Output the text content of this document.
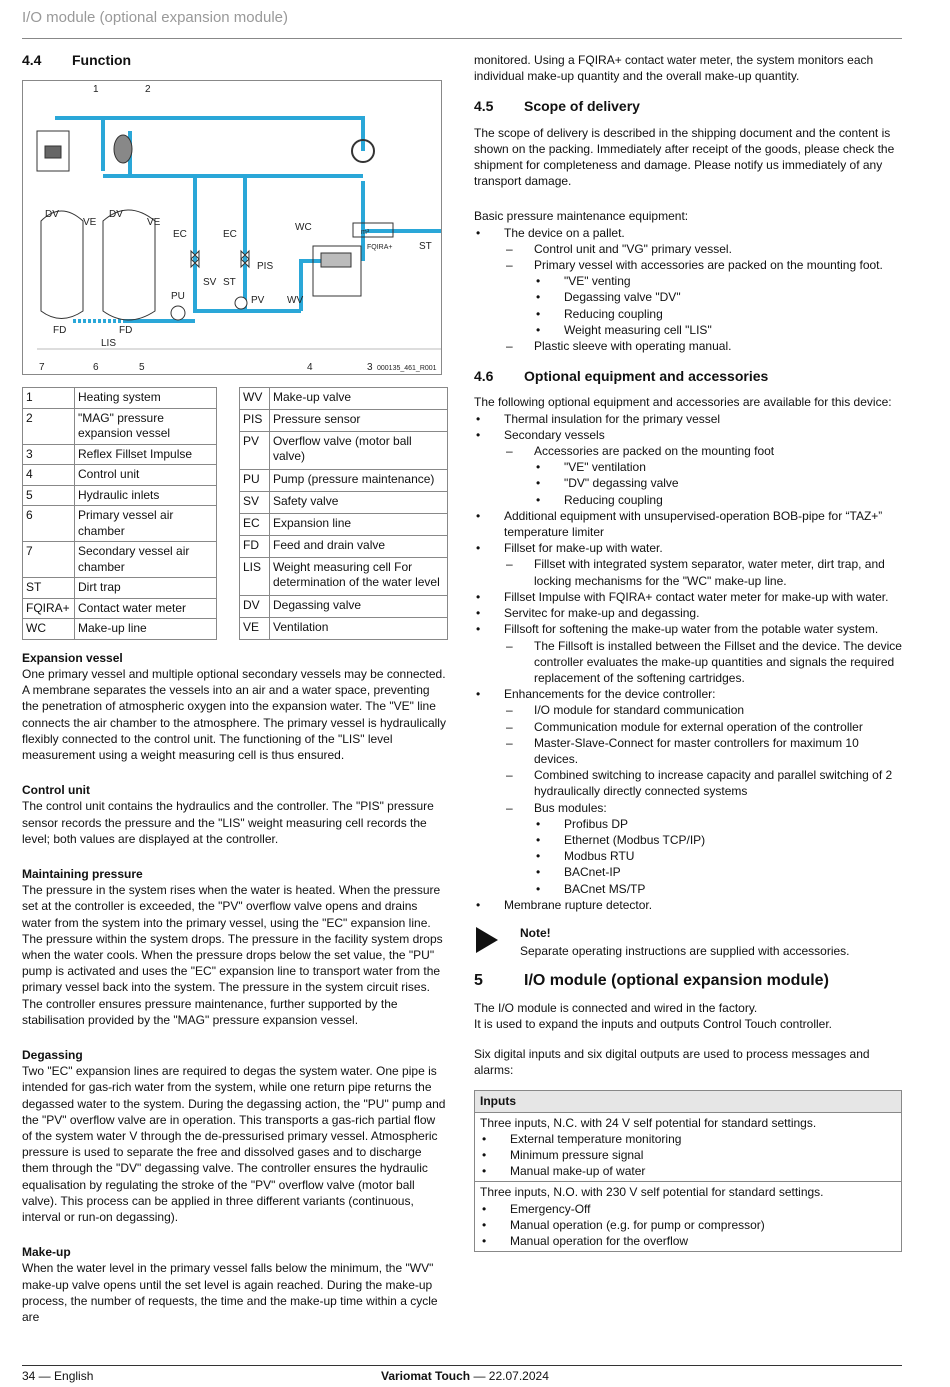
I/O module (optional expansion module)
4.4	Function
1	2
DV
VE
DV
VE
EC	EC
WC
PIS
PU
SV ST
PV WV
FD	FD
LIS
FQIRA+	ST
m³
7	6	5	4	3 000135_461_R001
1	Heating system
2	"MAG" pressure expansion vessel
3	Reflex Fillset Impulse
4	Control unit
5	Hydraulic inlets
6	Primary vessel air chamber
7	Secondary vessel air chamber
ST	Dirt trap
FQIRA+	Contact water meter
WC	Make-up line
WV	Make-up valve
PIS	Pressure sensor
PV	Overflow valve (motor ball valve)
PU	Pump (pressure maintenance)
SV	Safety valve
EC	Expansion line
FD	Feed and drain valve
LIS	Weight measuring cell For determination of the water level
DV	Degassing valve
VE	Ventilation

Expansion vessel

One primary vessel and multiple optional secondary vessels may be connected. A membrane separates the vessels into an air and a water space, preventing the penetration of atmospheric oxygen into the expansion water. The "VE" line connects the air chamber to the atmosphere. The primary vessel is hydraulically flexibly connected to the control unit. The functioning of the "LIS" level measurement using a weight measuring cell is thus ensured.

Control unit

The control unit contains the hydraulics and the controller. The "PIS" pressure sensor records the pressure and the "LIS" weight measuring cell records the level; both values are displayed at the controller.

Maintaining pressure

The pressure in the system rises when the water is heated. When the pressure set at the controller is exceeded, the "PV" overflow valve opens and drains water from the system into the primary vessel, using the "EC" expansion line. The pressure within the system drops. The pressure in the facility system drops when the water cools. When the pressure drops below the set value, the "PU" pump is activated and uses the "EC" expansion line to transport water from the primary vessel back into the system. The pressure in the system circuit rises. The controller ensures pressure maintenance, further supported by the stabilisation provided by the "MAG" pressure expansion vessel.

Degassing

Two "EC" expansion lines are required to degas the system water. One pipe is intended for gas-rich water from the system, while one return pipe returns the degassed water to the system. During the degassing action, the "PU" pump and the "PV" overflow valve are in operation. This transports a gas-rich partial flow of the system water V through the de-pressurised primary vessel. Atmospheric pressure is used to separate the free and dissolved gases and to discharge them through the "DV" degassing valve. The controller ensures the hydraulic equalisation by regulating the stroke of the "PV" overflow valve (motor ball valve). This process can be applied in three different variants (continuous, interval or run-on degassing).

Make-up

When the water level in the primary vessel falls below the minimum, the "WV" make-up valve opens until the set level is again reached. During the make-up process, the number of requests, the time and the make-up time within a cycle are

monitored. Using a FQIRA+ contact water meter, the system monitors each individual make-up quantity and the overall make-up quantity.

4.5	Scope of delivery

The scope of delivery is described in the shipping document and the content is shown on the packing. Immediately after receipt of the goods, please check the shipment for completeness and damage. Please notify us immediately of any transport damage.

Basic pressure maintenance equipment:

• The device on a pallet.
– Control unit and "VG" primary vessel.
– Primary vessel with accessories are packed on the mounting foot.
• "VE" venting
• Degassing valve "DV"
• Reducing coupling
• Weight measuring cell "LIS"
– Plastic sleeve with operating manual.
4.6	Optional equipment and accessories

The following optional equipment and accessories are available for this device:

• Thermal insulation for the primary vessel
• Secondary vessels
– Accessories are packed on the mounting foot
• "VE" ventilation
• "DV" degassing valve
• Reducing coupling
• Additional equipment with unsupervised-operation BOB-pipe for “TAZ+” temperature limiter
• Fillset for make-up with water.
– Fillset with integrated system separator, water meter, dirt trap, and locking mechanisms for the "WC" make-up line.
• Fillset Impulse with FQIRA+ contact water meter for make-up with water.
• Servitec for make-up and degassing.
• Fillsoft for softening the make-up water from the potable water system.
– The Fillsoft is installed between the Fillset and the device. The device controller evaluates the make-up quantities and signals the required replacement of the softening cartridges.
• Enhancements for the device controller:
– I/O module for standard communication
– Communication module for external operation of the controller
– Master-Slave-Connect for master controllers for maximum 10 devices.
– Combined switching to increase capacity and parallel switching of 2 hydraulically directly connected systems
– Bus modules:
• Profibus DP
• Ethernet (Modbus TCP/IP)
• Modbus RTU
• BACnet-IP
• BACnet MS/TP
• Membrane rupture detector.

Note!

Separate operating instructions are supplied with accessories.

5	I/O module (optional expansion module)

The I/O module is connected and wired in the factory.

It is used to expand the inputs and outputs Control Touch controller.

Six digital inputs and six digital outputs are used to process messages and alarms:

Inputs
Three inputs, N.C. with 24 V self potential for standard settings.
• External temperature monitoring
• Minimum pressure signal
• Manual make-up of water
Three inputs, N.O. with 230 V self potential for standard settings.
• Emergency-Off
• Manual operation (e.g. for pump or compressor)
• Manual operation for the overflow
34 — English	Variomat Touch — 22.07.2024
